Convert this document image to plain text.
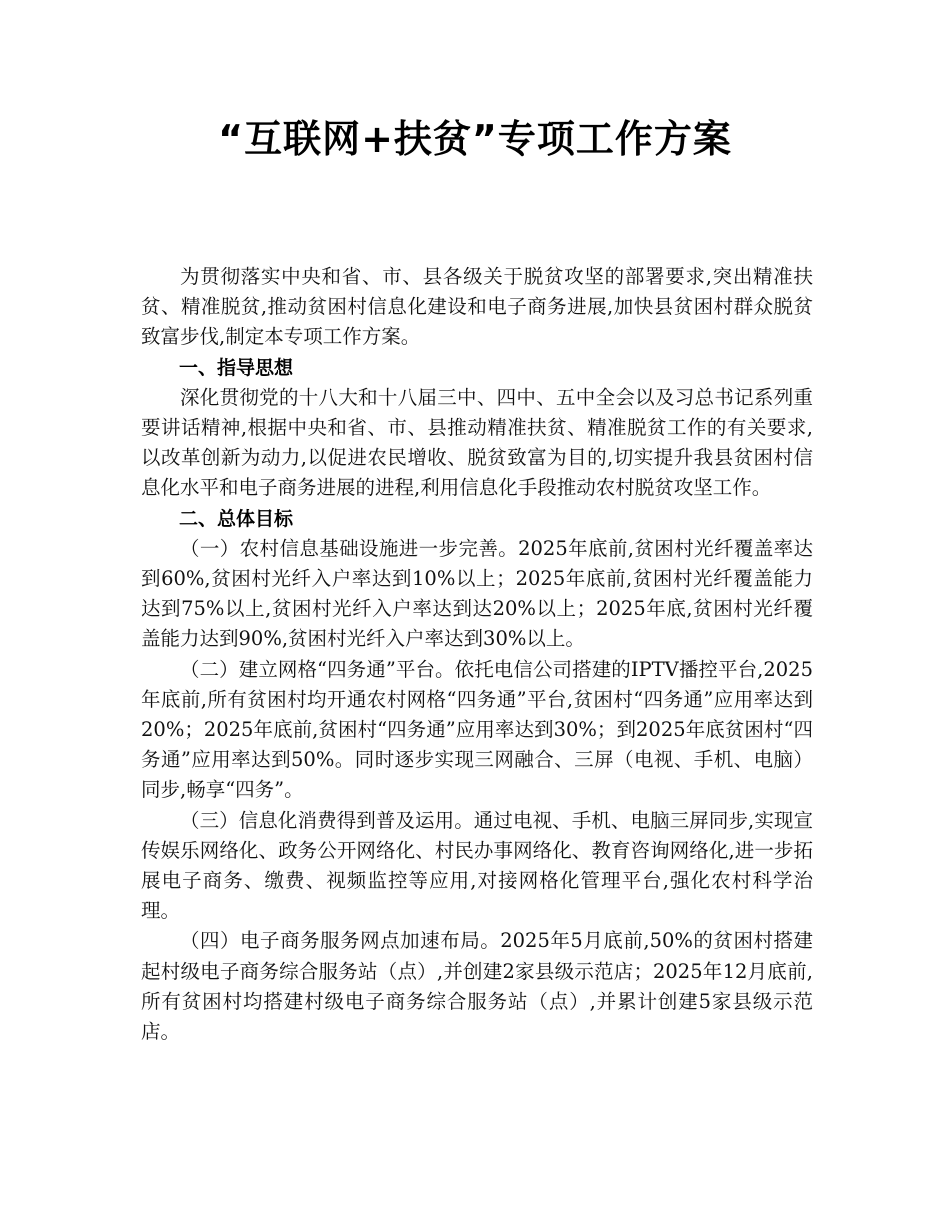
“互联网+扶贫”专项工作方案

为贯彻落实中央和省、市、县各级关于脱贫攻坚的部署要求,突出精准扶贫、精准脱贫,推动贫困村信息化建设和电子商务进展,加快县贫困村群众脱贫致富步伐,制定本专项工作方案。

一、指导思想

深化贯彻党的十八大和十八届三中、四中、五中全会以及习总书记系列重要讲话精神,根据中央和省、市、县推动精准扶贫、精准脱贫工作的有关要求,以改革创新为动力,以促进农民增收、脱贫致富为目的,切实提升我县贫困村信息化水平和电子商务进展的进程,利用信息化手段推动农村脱贫攻坚工作。

二、总体目标

（一）农村信息基础设施进一步完善。2025年底前,贫困村光纤覆盖率达到60%,贫困村光纤入户率达到10%以上；2025年底前,贫困村光纤覆盖能力达到75%以上,贫困村光纤入户率达到达20%以上；2025年底,贫困村光纤覆盖能力达到90%,贫困村光纤入户率达到30%以上。

（二）建立网格“四务通”平台。依托电信公司搭建的IPTV播控平台,2025年底前,所有贫困村均开通农村网格“四务通”平台,贫困村“四务通”应用率达到20%；2025年底前,贫困村“四务通”应用率达到30%；到2025年底贫困村“四务通”应用率达到50%。同时逐步实现三网融合、三屏（电视、手机、电脑）同步,畅享“四务”。

（三）信息化消费得到普及运用。通过电视、手机、电脑三屏同步,实现宣传娱乐网络化、政务公开网络化、村民办事网络化、教育咨询网络化,进一步拓展电子商务、缴费、视频监控等应用,对接网格化管理平台,强化农村科学治理。

（四）电子商务服务网点加速布局。2025年5月底前,50%的贫困村搭建起村级电子商务综合服务站（点）,并创建2家县级示范店；2025年12月底前,所有贫困村均搭建村级电子商务综合服务站（点）,并累计创建5家县级示范店。
